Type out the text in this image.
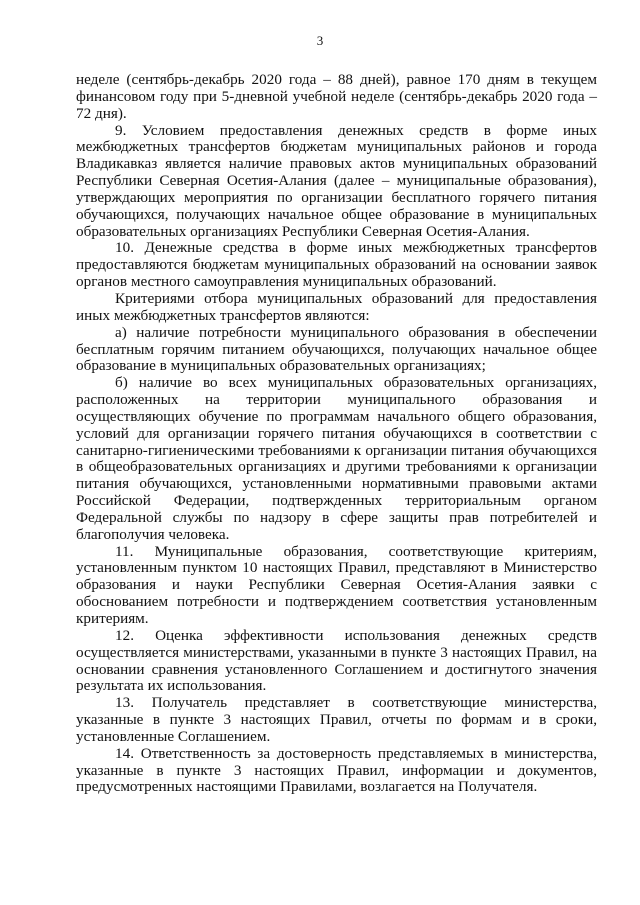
3

неделе (сентябрь-декабрь 2020 года – 88 дней), равное 170 дням в текущем финансовом году при 5-дневной учебной неделе (сентябрь-декабрь 2020 года – 72 дня).

9. Условием предоставления денежных средств в форме иных межбюджетных трансфертов бюджетам муниципальных районов и города Владикавказ является наличие правовых актов муниципальных образований Республики Северная Осетия-Алания (далее – муниципальные образования), утверждающих мероприятия по организации бесплатного горячего питания обучающихся, получающих начальное общее образование в муниципальных образовательных организациях Республики Северная Осетия-Алания.

10. Денежные средства в форме иных межбюджетных трансфертов предоставляются бюджетам муниципальных образований на основании заявок органов местного самоуправления муниципальных образований.

Критериями отбора муниципальных образований для предоставления иных межбюджетных трансфертов являются:

а) наличие потребности муниципального образования в обеспечении бесплатным горячим питанием обучающихся, получающих начальное общее образование в муниципальных образовательных организациях;

б) наличие во всех муниципальных образовательных организациях, расположенных на территории муниципального образования и осуществляющих обучение по программам начального общего образования, условий для организации горячего питания обучающихся в соответствии с санитарно-гигиеническими требованиями к организации питания обучающихся в общеобразовательных организациях и другими требованиями к организации питания обучающихся, установленными нормативными правовыми актами Российской Федерации, подтвержденных территориальным органом Федеральной службы по надзору в сфере защиты прав потребителей и благополучия человека.

11. Муниципальные образования, соответствующие критериям, установленным пунктом 10 настоящих Правил, представляют в Министерство образования и науки Республики Северная Осетия-Алания заявки с обоснованием потребности и подтверждением соответствия установленным критериям.

12. Оценка эффективности использования денежных средств осуществляется министерствами, указанными в пункте 3 настоящих Правил, на основании сравнения установленного Соглашением и достигнутого значения результата их использования.

13. Получатель представляет в соответствующие министерства, указанные в пункте 3 настоящих Правил, отчеты по формам и в сроки, установленные Соглашением.

14. Ответственность за достоверность представляемых в министерства, указанные в пункте 3 настоящих Правил, информации и документов, предусмотренных настоящими Правилами, возлагается на Получателя.
